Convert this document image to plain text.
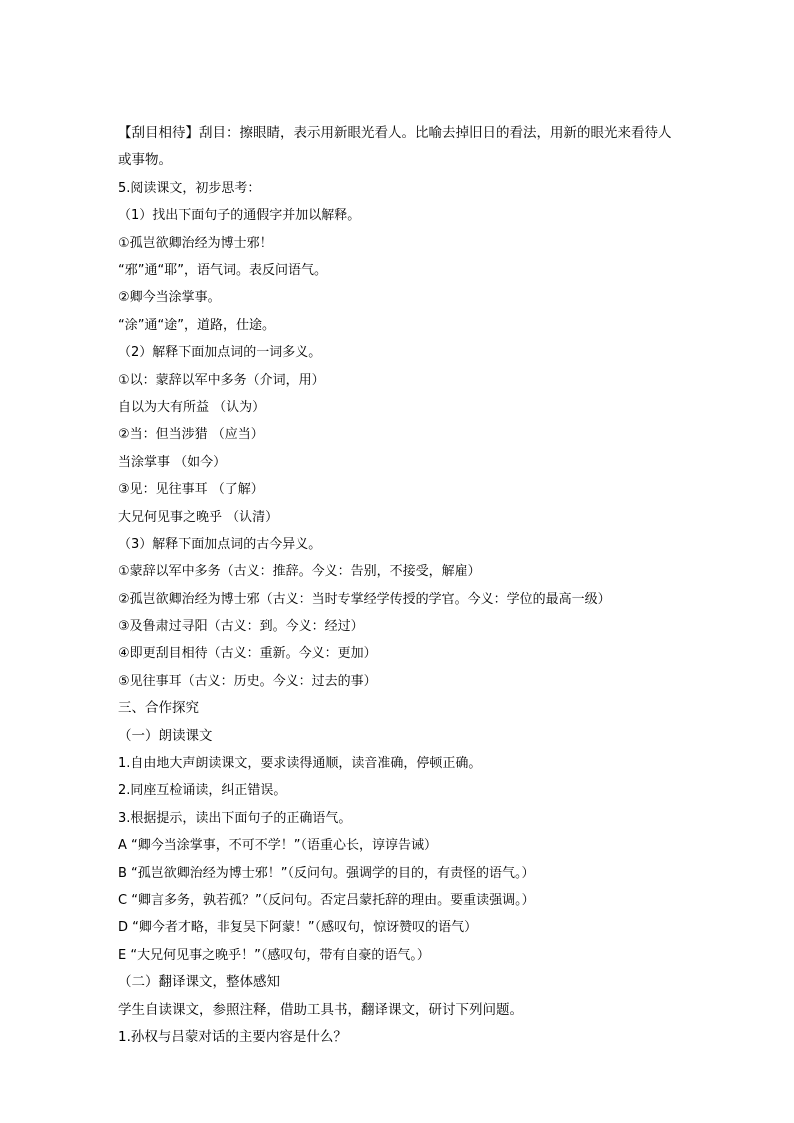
【刮目相待】刮目：擦眼睛，表示用新眼光看人。比喻去掉旧日的看法，用新的眼光来看待人或事物。
5.阅读课文，初步思考：
（1）找出下面句子的通假字并加以解释。
①孤岂欲卿治经为博士邪！
“邪”通“耶”，语气词。表反问语气。
②卿今当涂掌事。
“涂”通“途”，道路，仕途。
（2）解释下面加点词的一词多义。
①以：蒙辞以军中多务（介词，用）
自以为大有所益 （认为）
②当：但当涉猎 （应当）
当涂掌事 （如今）
③见：见往事耳 （了解）
大兄何见事之晚乎 （认清）
（3）解释下面加点词的古今异义。
①蒙辞以军中多务（古义：推辞。今义：告别，不接受，解雇）
②孤岂欲卿治经为博士邪（古义：当时专掌经学传授的学官。今义：学位的最高一级）
③及鲁肃过寻阳（古义：到。今义：经过）
④即更刮目相待（古义：重新。今义：更加）
⑤见往事耳（古义：历史。今义：过去的事）
三、合作探究
（一）朗读课文
1.自由地大声朗读课文，要求读得通顺，读音准确，停顿正确。
2.同座互检诵读，纠正错误。
3.根据提示，读出下面句子的正确语气。
A “卿今当涂掌事，不可不学！”（语重心长，谆谆告诫）
B “孤岂欲卿治经为博士邪！”（反问句。强调学的目的，有责怪的语气。）
C “卿言多务，孰若孤？”（反问句。否定吕蒙托辞的理由。要重读强调。）
D “卿今者才略，非复吴下阿蒙！”（感叹句，惊讶赞叹的语气）
E “大兄何见事之晚乎！”（感叹句，带有自豪的语气。）
（二）翻译课文，整体感知
学生自读课文，参照注释，借助工具书，翻译课文，研讨下列问题。
1.孙权与吕蒙对话的主要内容是什么？
